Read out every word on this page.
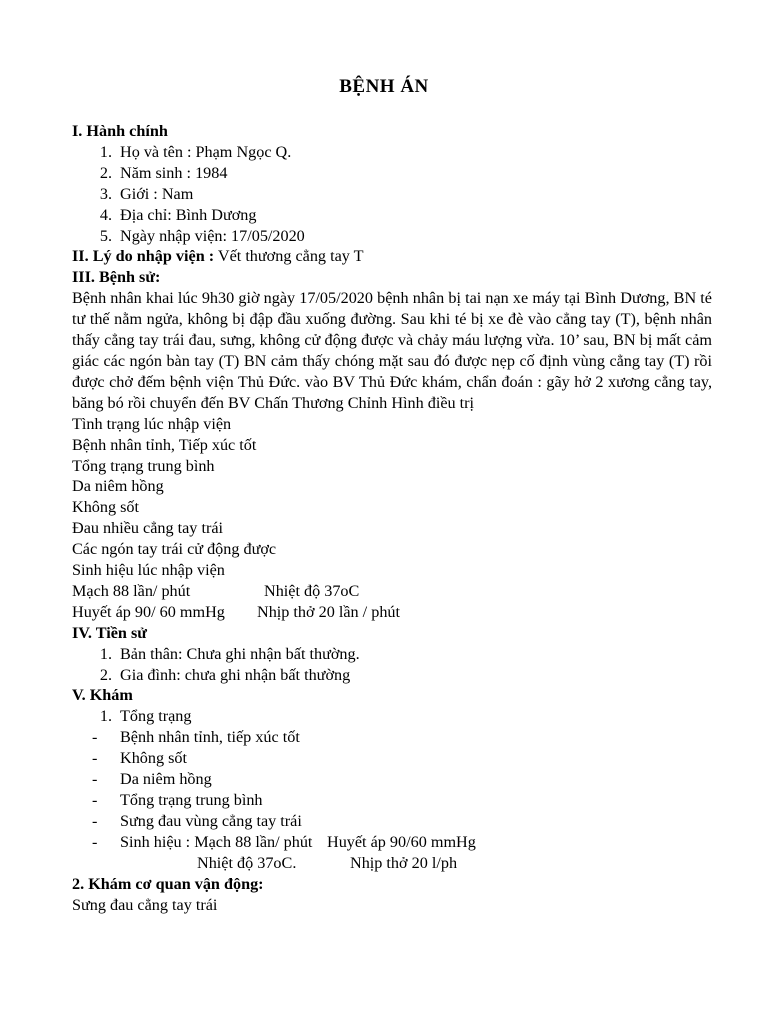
BỆNH ÁN
I. Hành chính
1. Họ và tên : Phạm Ngọc Q.
2. Năm sinh : 1984
3. Giới : Nam
4. Địa chỉ: Bình Dương
5. Ngày nhập viện: 17/05/2020
II. Lý do nhập viện : Vết thương cẳng tay T
III. Bệnh sử:
Bệnh nhân khai lúc 9h30 giờ ngày 17/05/2020 bệnh nhân bị tai nạn xe máy tại Bình Dương, BN té tư thế nằm ngửa, không bị đập đầu xuống đường. Sau khi té bị xe đè vào cẳng tay (T), bệnh nhân thấy cẳng tay trái đau, sưng, không cử động được và chảy máu lượng vừa. 10’ sau, BN bị mất cảm giác các ngón bàn tay (T) BN cảm thấy chóng mặt sau đó được nẹp cố định vùng cẳng tay (T) rồi được chở đếm bệnh viện Thủ Đức. vào BV Thủ Đức khám, chẩn đoán : gãy hở 2 xương cẳng tay, băng bó rồi chuyển đến BV Chấn Thương Chỉnh Hình điều trị
Tình trạng lúc nhập viện
Bệnh nhân tỉnh, Tiếp xúc tốt
Tổng trạng trung bình
Da niêm hồng
Không sốt
Đau nhiều cẳng tay trái
Các ngón tay trái cử động được
Sinh hiệu lúc nhập viện
Mạch 88 lần/ phút	Nhiệt độ 37oC
Huyết áp 90/ 60 mmHg Nhịp thở 20 lần / phút
IV. Tiền sử
1. Bản thân: Chưa ghi nhận bất thường.
2. Gia đình: chưa ghi nhận bất thường
V. Khám
1. Tổng trạng
- Bệnh nhân tỉnh, tiếp xúc tốt
- Không sốt
- Da niêm hồng
- Tổng trạng trung bình
- Sưng đau vùng cẳng tay trái
- Sinh hiệu : Mạch 88 lần/ phút Huyết áp 90/60 mmHg
Nhiệt độ 37oC.	Nhịp thở 20 l/ph
2. Khám cơ quan vận động:
Sưng đau cẳng tay trái
